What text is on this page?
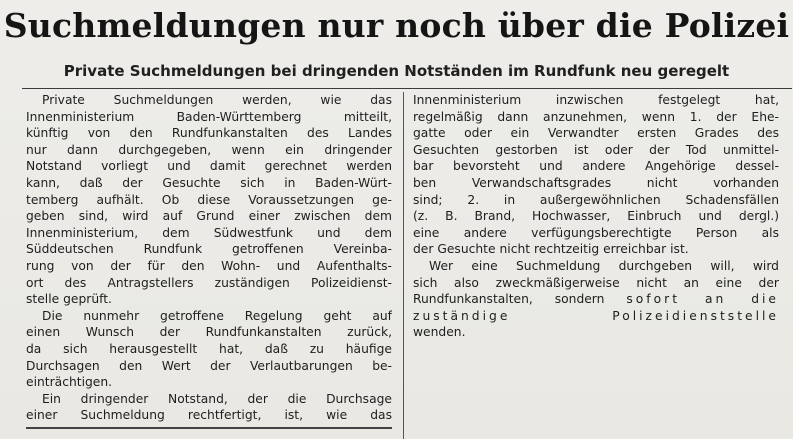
Suchmeldungen nur noch über die Polizei
Private Suchmeldungen bei dringenden Notständen im Rundfunk neu geregelt
Private Suchmeldungen werden, wie das
Innenministerium Baden-Württemberg mitteilt,
künftig von den Rundfunkanstalten des Landes
nur dann durchgegeben, wenn ein dringender
Notstand vorliegt und damit gerechnet werden
kann, daß der Gesuchte sich in Baden-Würt-
temberg aufhält. Ob diese Voraussetzungen ge-
geben sind, wird auf Grund einer zwischen dem
Innenministerium, dem Südwestfunk und dem
Süddeutschen Rundfunk getroffenen Vereinba-
rung von der für den Wohn- und Aufenthalts-
ort des Antragstellers zuständigen Polizeidienst-
stelle geprüft.
Die nunmehr getroffene Regelung geht auf
einen Wunsch der Rundfunkanstalten zurück,
da sich herausgestellt hat, daß zu häufige
Durchsagen den Wert der Verlautbarungen be-
einträchtigen.
Ein dringender Notstand, der die Durchsage
einer Suchmeldung rechtfertigt, ist, wie das
Innenministerium inzwischen festgelegt hat,
regelmäßig dann anzunehmen, wenn 1. der Ehe-
gatte oder ein Verwandter ersten Grades des
Gesuchten gestorben ist oder der Tod unmittel-
bar bevorsteht und andere Angehörige dessel-
ben Verwandschaftsgrades nicht vorhanden
sind; 2. in außergewöhnlichen Schadensfällen
(z. B. Brand, Hochwasser, Einbruch und dergl.)
eine andere verfügungsberechtigte Person als
der Gesuchte nicht rechtzeitig erreichbar ist.
Wer eine Suchmeldung durchgeben will, wird
sich also zweckmäßigerweise nicht an eine der
Rundfunkanstalten, sondern sofort an die
zuständige Polizeidienststelle
wenden.
